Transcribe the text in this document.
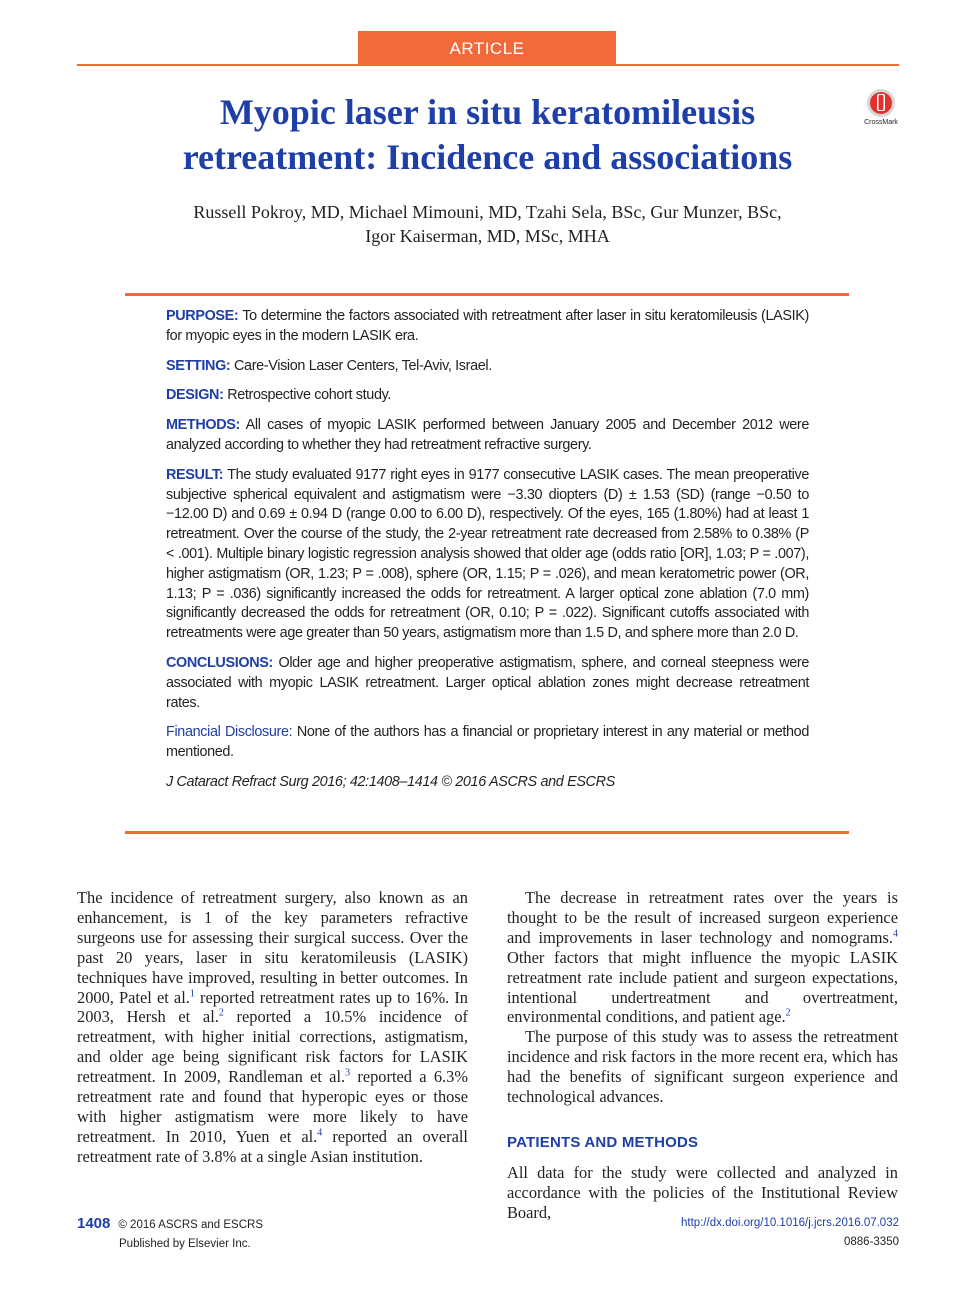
ARTICLE
Myopic laser in situ keratomileusis
retreatment: Incidence and associations
CrossMark
Russell Pokroy, MD, Michael Mimouni, MD, Tzahi Sela, BSc, Gur Munzer, BSc,
Igor Kaiserman, MD, MSc, MHA

PURPOSE: To determine the factors associated with retreatment after laser in situ keratomileusis (LASIK) for myopic eyes in the modern LASIK era.

SETTING: Care-Vision Laser Centers, Tel-Aviv, Israel.

DESIGN: Retrospective cohort study.

METHODS: All cases of myopic LASIK performed between January 2005 and December 2012 were analyzed according to whether they had retreatment refractive surgery.

RESULT: The study evaluated 9177 right eyes in 9177 consecutive LASIK cases. The mean preoperative subjective spherical equivalent and astigmatism were −3.30 diopters (D) ± 1.53 (SD) (range −0.50 to −12.00 D) and 0.69 ± 0.94 D (range 0.00 to 6.00 D), respectively. Of the eyes, 165 (1.80%) had at least 1 retreatment. Over the course of the study, the 2-year retreatment rate decreased from 2.58% to 0.38% (P < .001). Multiple binary logistic regression analysis showed that older age (odds ratio [OR], 1.03; P = .007), higher astigmatism (OR, 1.23; P = .008), sphere (OR, 1.15; P = .026), and mean keratometric power (OR, 1.13; P = .036) significantly increased the odds for retreatment. A larger optical zone ablation (7.0 mm) significantly decreased the odds for retreatment (OR, 0.10; P = .022). Significant cutoffs associated with retreatments were age greater than 50 years, astigmatism more than 1.5 D, and sphere more than 2.0 D.

CONCLUSIONS: Older age and higher preoperative astigmatism, sphere, and corneal steepness were associated with myopic LASIK retreatment. Larger optical ablation zones might decrease retreatment rates.

Financial Disclosure: None of the authors has a financial or proprietary interest in any material or method mentioned.

J Cataract Refract Surg 2016; 42:1408–1414 © 2016 ASCRS and ESCRS

The incidence of retreatment surgery, also known as an enhancement, is 1 of the key parameters refractive surgeons use for assessing their surgical success. Over the past 20 years, laser in situ keratomileusis (LASIK) techniques have improved, resulting in better outcomes. In 2000, Patel et al.$^1$ reported retreatment rates up to 16%. In 2003, Hersh et al.$^2$ reported a 10.5% incidence of retreatment, with higher initial corrections, astigmatism, and older age being significant risk factors for LASIK retreatment. In 2009, Randleman et al.$^3$ reported a 6.3% retreatment rate and found that hyperopic eyes or those with higher astigmatism were more likely to have retreatment. In 2010, Yuen et al.$^4$ reported an overall retreatment rate of 3.8% at a single Asian institution.

The decrease in retreatment rates over the years is thought to be the result of increased surgeon experience and improvements in laser technology and nomograms.$^4$ Other factors that might influence the myopic LASIK retreatment rate include patient and surgeon expectations, intentional undertreatment and overtreatment, environmental conditions, and patient age.$^2$

The purpose of this study was to assess the retreatment incidence and risk factors in the more recent era, which has had the benefits of significant surgeon experience and technological advances.

PATIENTS AND METHODS

All data for the study were collected and analyzed in accordance with the policies of the Institutional Review Board,

1408 © 2016 ASCRS and ESCRS
Published by Elsevier Inc.
http://dx.doi.org/10.1016/j.jcrs.2016.07.032
0886-3350
